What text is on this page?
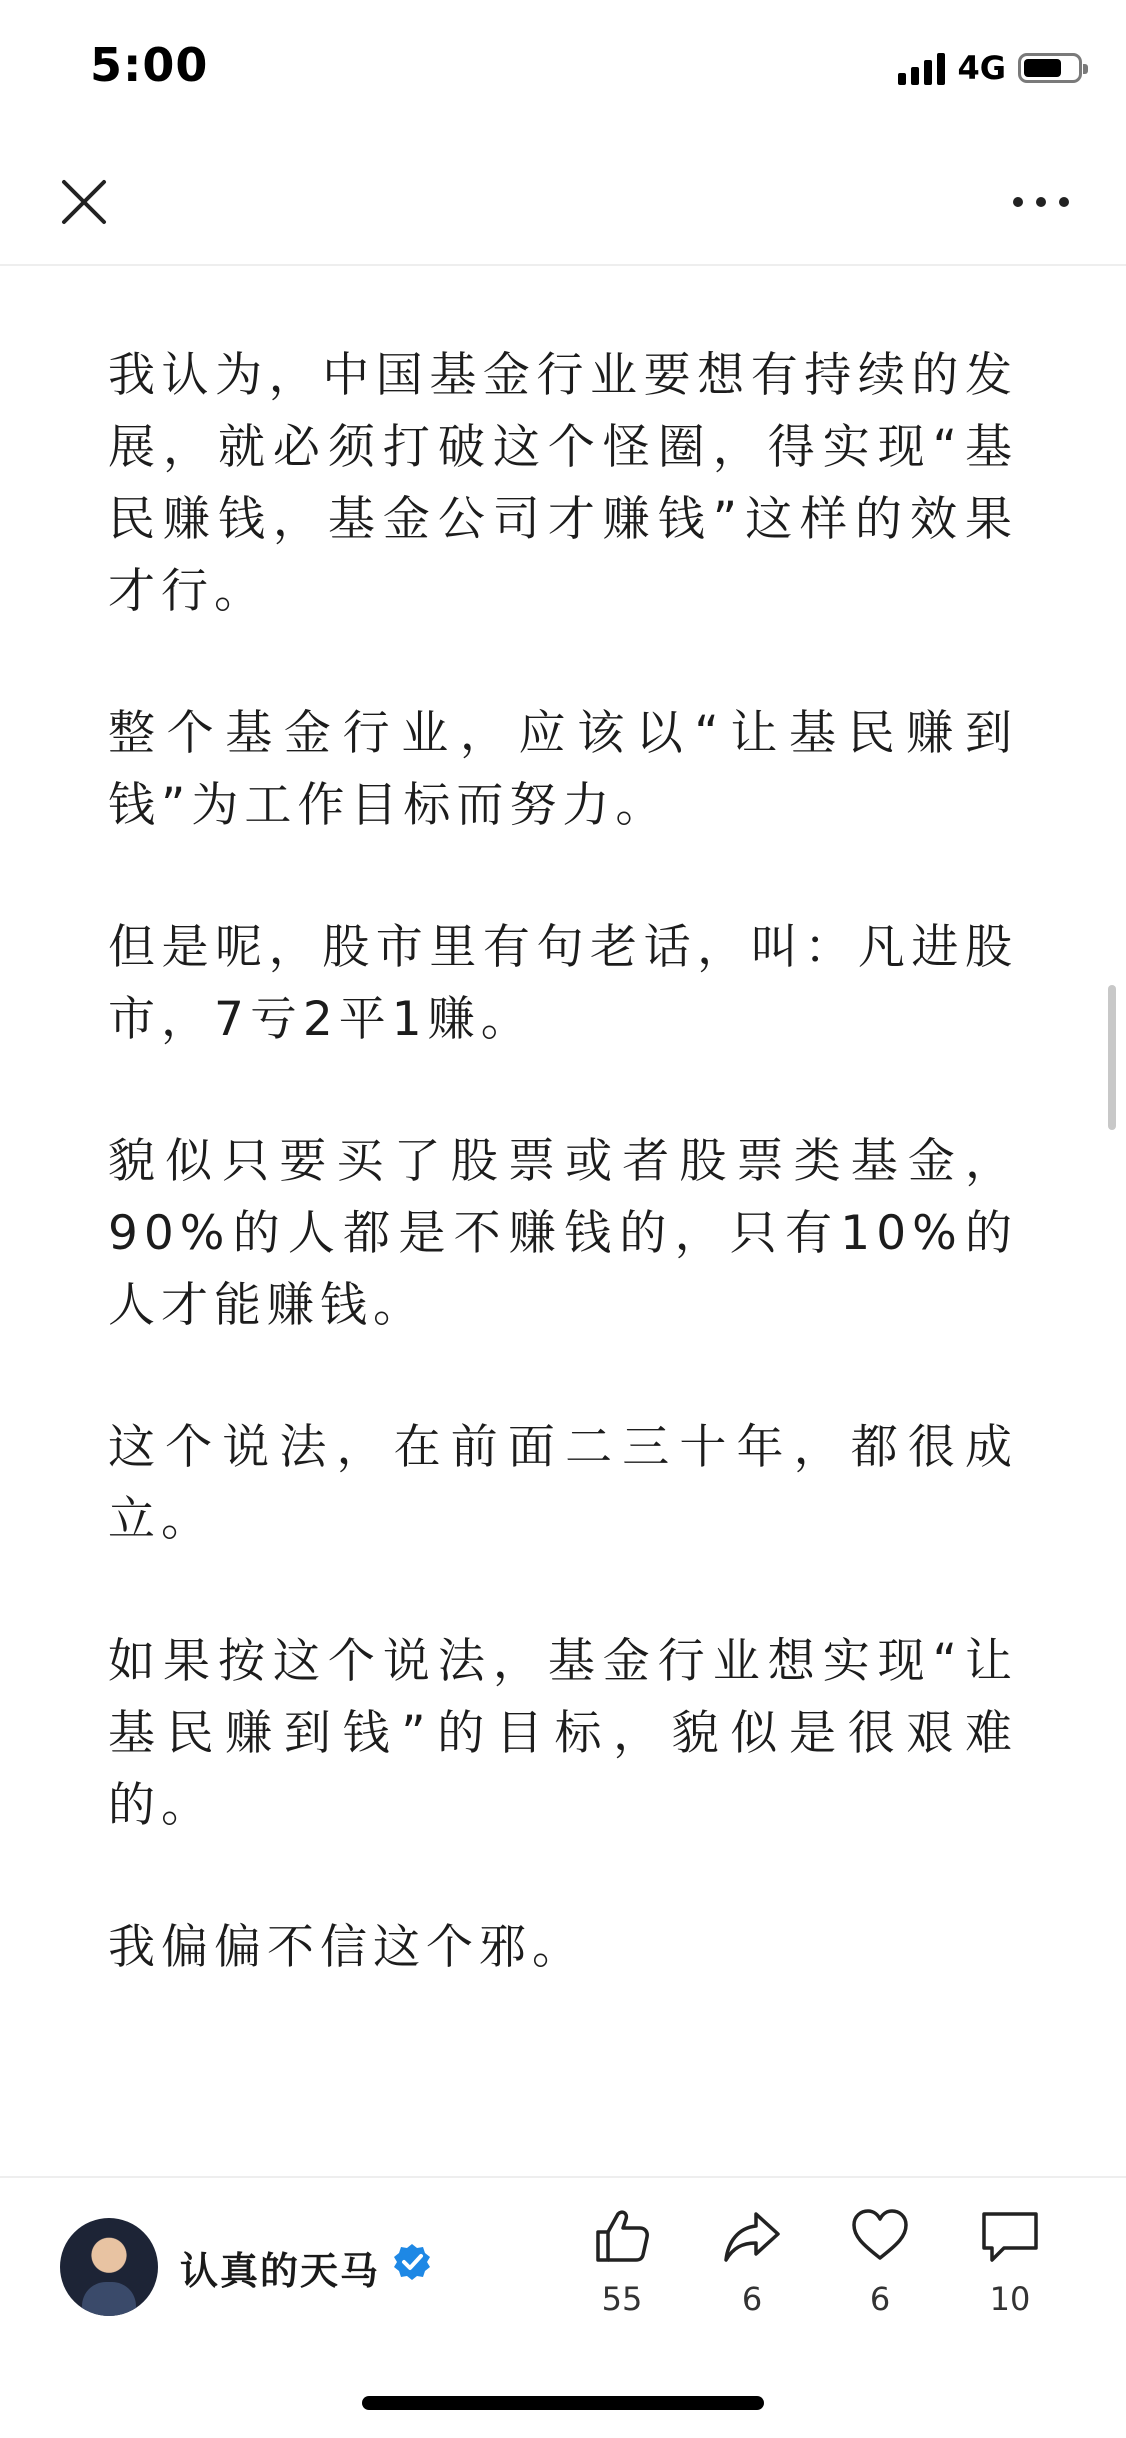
5:00	4G

我认为，中国基金行业要想有持续的发展，就必须打破这个怪圈，得实现“基民赚钱，基金公司才赚钱”这样的效果才行。

整个基金行业，应该以“让基民赚到钱”为工作目标而努力。

但是呢，股市里有句老话，叫：凡进股市，7亏2平1赚。

貌似只要买了股票或者股票类基金，90%的人都是不赚钱的，只有10%的人才能赚钱。

这个说法，在前面二三十年，都很成立。

如果按这个说法，基金行业想实现“让基民赚到钱”的目标，貌似是很艰难的。

我偏偏不信这个邪。

认真的天马
55	6	6	10
